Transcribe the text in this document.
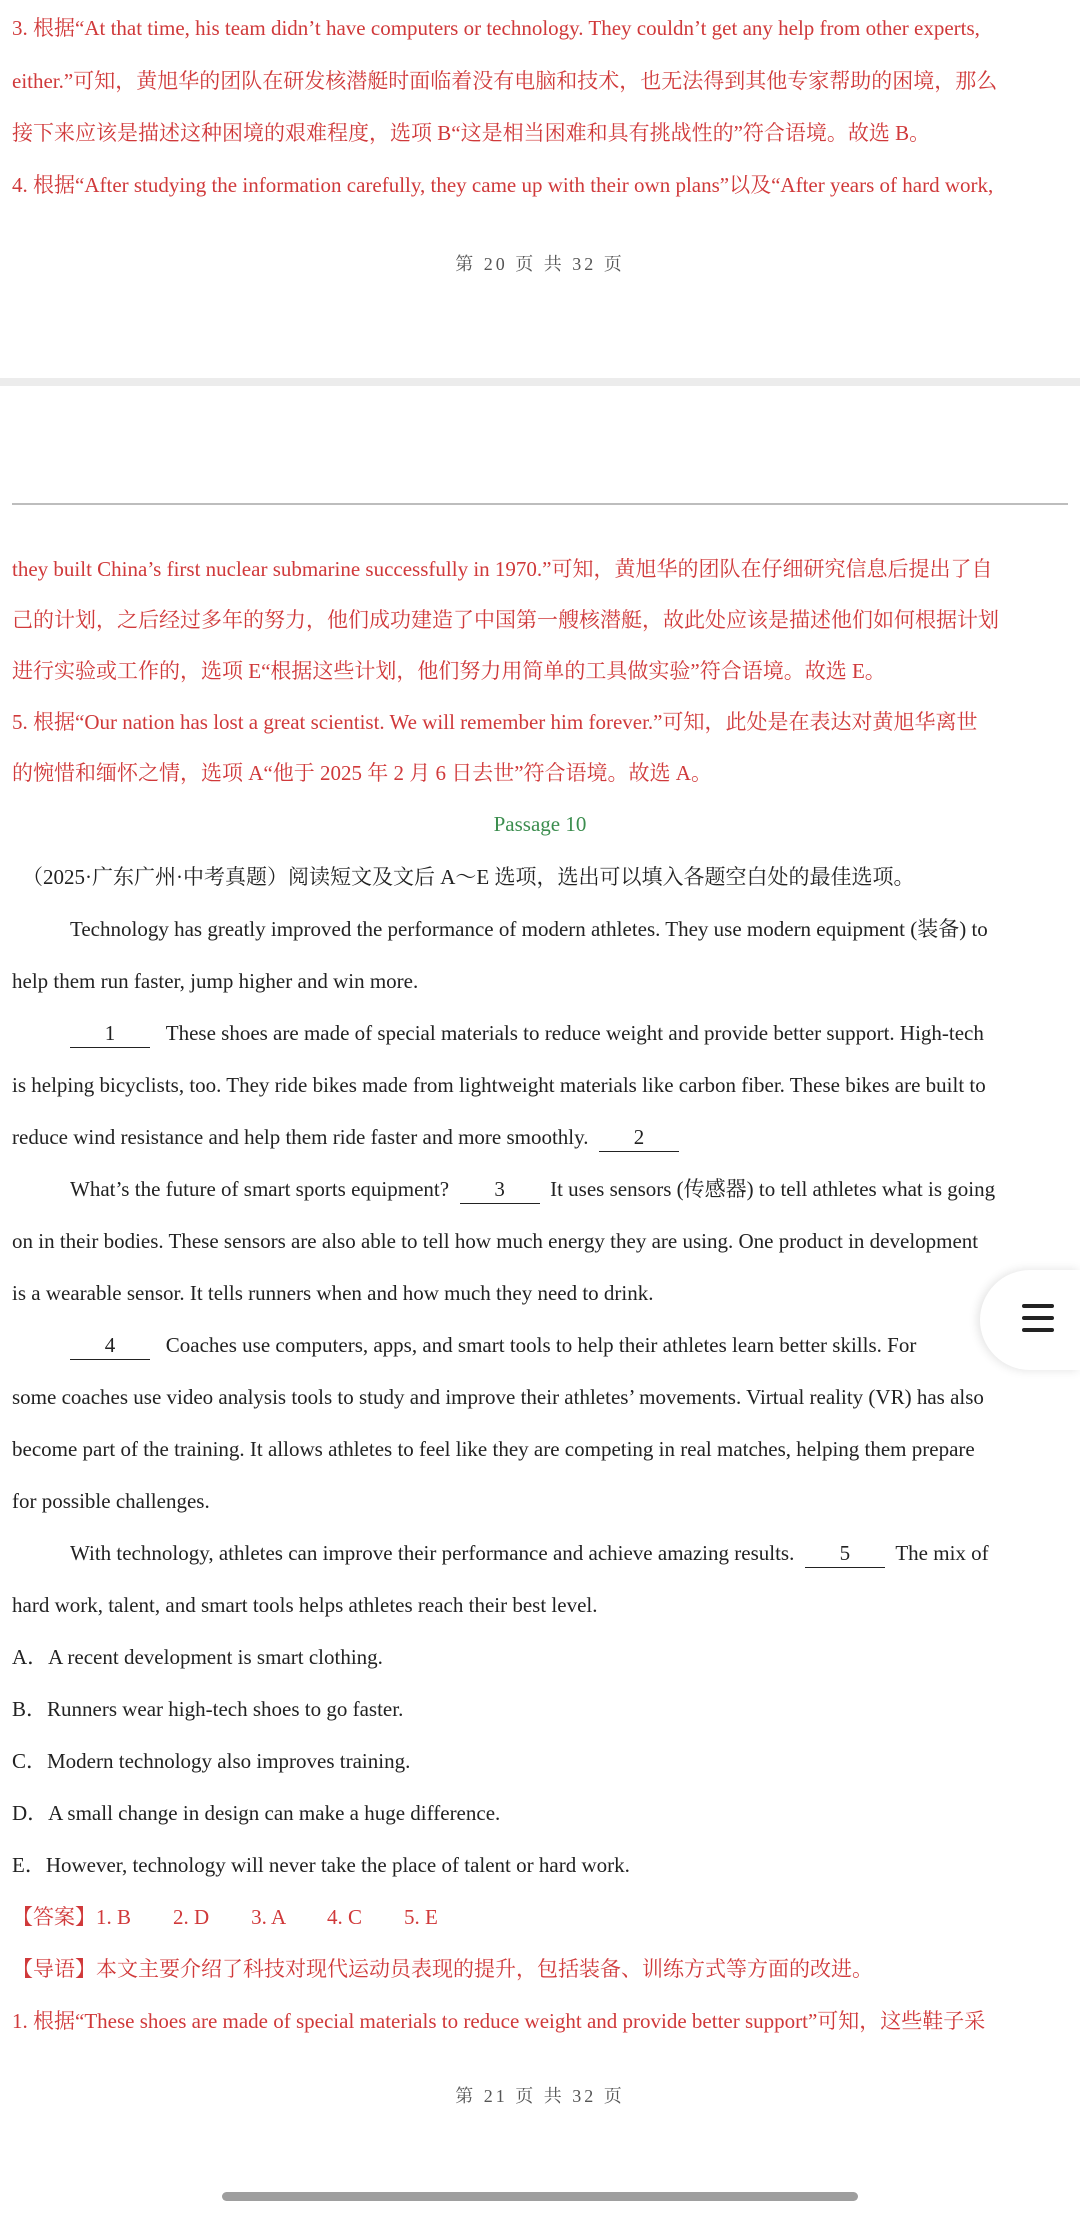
3. 根据“At that time, his team didn’t have computers or technology. They couldn’t get any help from other experts,
either.”可知，黄旭华的团队在研发核潜艇时面临着没有电脑和技术，也无法得到其他专家帮助的困境，那么
接下来应该是描述这种困境的艰难程度，选项 B“这是相当困难和具有挑战性的”符合语境。故选 B。
4. 根据“After studying the information carefully, they came up with their own plans”以及“After years of hard work,
第 20 页 共 32 页
they built China’s first nuclear submarine successfully in 1970.”可知，黄旭华的团队在仔细研究信息后提出了自
己的计划，之后经过多年的努力，他们成功建造了中国第一艘核潜艇，故此处应该是描述他们如何根据计划
进行实验或工作的，选项 E“根据这些计划，他们努力用简单的工具做实验”符合语境。故选 E。
5. 根据“Our nation has lost a great scientist. We will remember him forever.”可知，此处是在表达对黄旭华离世
的惋惜和缅怀之情，选项 A“他于 2025 年 2 月 6 日去世”符合语境。故选 A。
Passage 10
（2025·广东广州·中考真题）阅读短文及文后 A～E 选项，选出可以填入各题空白处的最佳选项。
Technology has greatly improved the performance of modern athletes. They use modern equipment (装备) to
help them run faster, jump higher and win more.
1 These shoes are made of special materials to reduce weight and provide better support. High-tech
is helping bicyclists, too. They ride bikes made from lightweight materials like carbon fiber. These bikes are built to
reduce wind resistance and help them ride faster and more smoothly. 2
What’s the future of smart sports equipment? 3 It uses sensors (传感器) to tell athletes what is going
on in their bodies. These sensors are also able to tell how much energy they are using. One product in development
is a wearable sensor. It tells runners when and how much they need to drink.
4 Coaches use computers, apps, and smart tools to help their athletes learn better skills. For
some coaches use video analysis tools to study and improve their athletes’ movements. Virtual reality (VR) has also
become part of the training. It allows athletes to feel like they are competing in real matches, helping them prepare
for possible challenges.
With technology, athletes can improve their performance and achieve amazing results. 5 The mix of
hard work, talent, and smart tools helps athletes reach their best level.
A．A recent development is smart clothing.
B．Runners wear high-tech shoes to go faster.
C．Modern technology also improves training.
D．A small change in design can make a huge difference.
E．However, technology will never take the place of talent or hard work.
【答案】1. B　　2. D　　3. A　　4. C　　5. E
【导语】本文主要介绍了科技对现代运动员表现的提升，包括装备、训练方式等方面的改进。
1. 根据“These shoes are made of special materials to reduce weight and provide better support”可知，这些鞋子采
第 21 页 共 32 页
